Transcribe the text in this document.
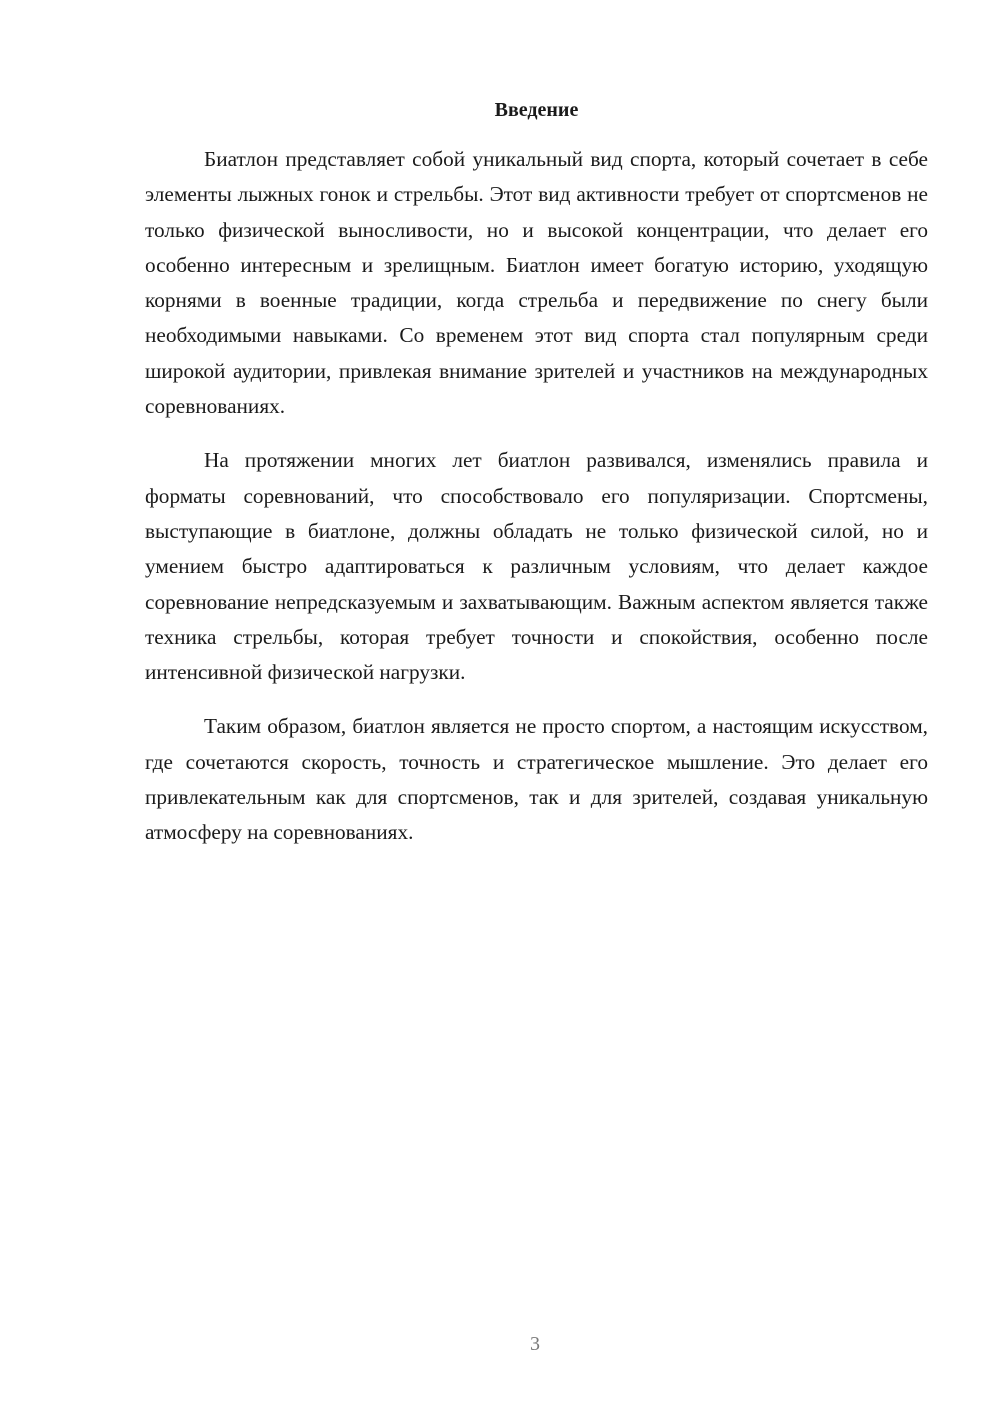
Введение

Биатлон представляет собой уникальный вид спорта, который сочетает в себе элементы лыжных гонок и стрельбы. Этот вид активности требует от спортсменов не только физической выносливости, но и высокой концентрации, что делает его особенно интересным и зрелищным. Биатлон имеет богатую историю, уходящую корнями в военные традиции, когда стрельба и передвижение по снегу были необходимыми навыками. Со временем этот вид спорта стал популярным среди широкой аудитории, привлекая внимание зрителей и участников на международных соревнованиях.

На протяжении многих лет биатлон развивался, изменялись правила и форматы соревнований, что способствовало его популяризации. Спортсмены, выступающие в биатлоне, должны обладать не только физической силой, но и умением быстро адаптироваться к различным условиям, что делает каждое соревнование непредсказуемым и захватывающим. Важным аспектом является также техника стрельбы, которая требует точности и спокойствия, особенно после интенсивной физической нагрузки.

Таким образом, биатлон является не просто спортом, а настоящим искусством, где сочетаются скорость, точность и стратегическое мышление. Это делает его привлекательным как для спортсменов, так и для зрителей, создавая уникальную атмосферу на соревнованиях.

3
